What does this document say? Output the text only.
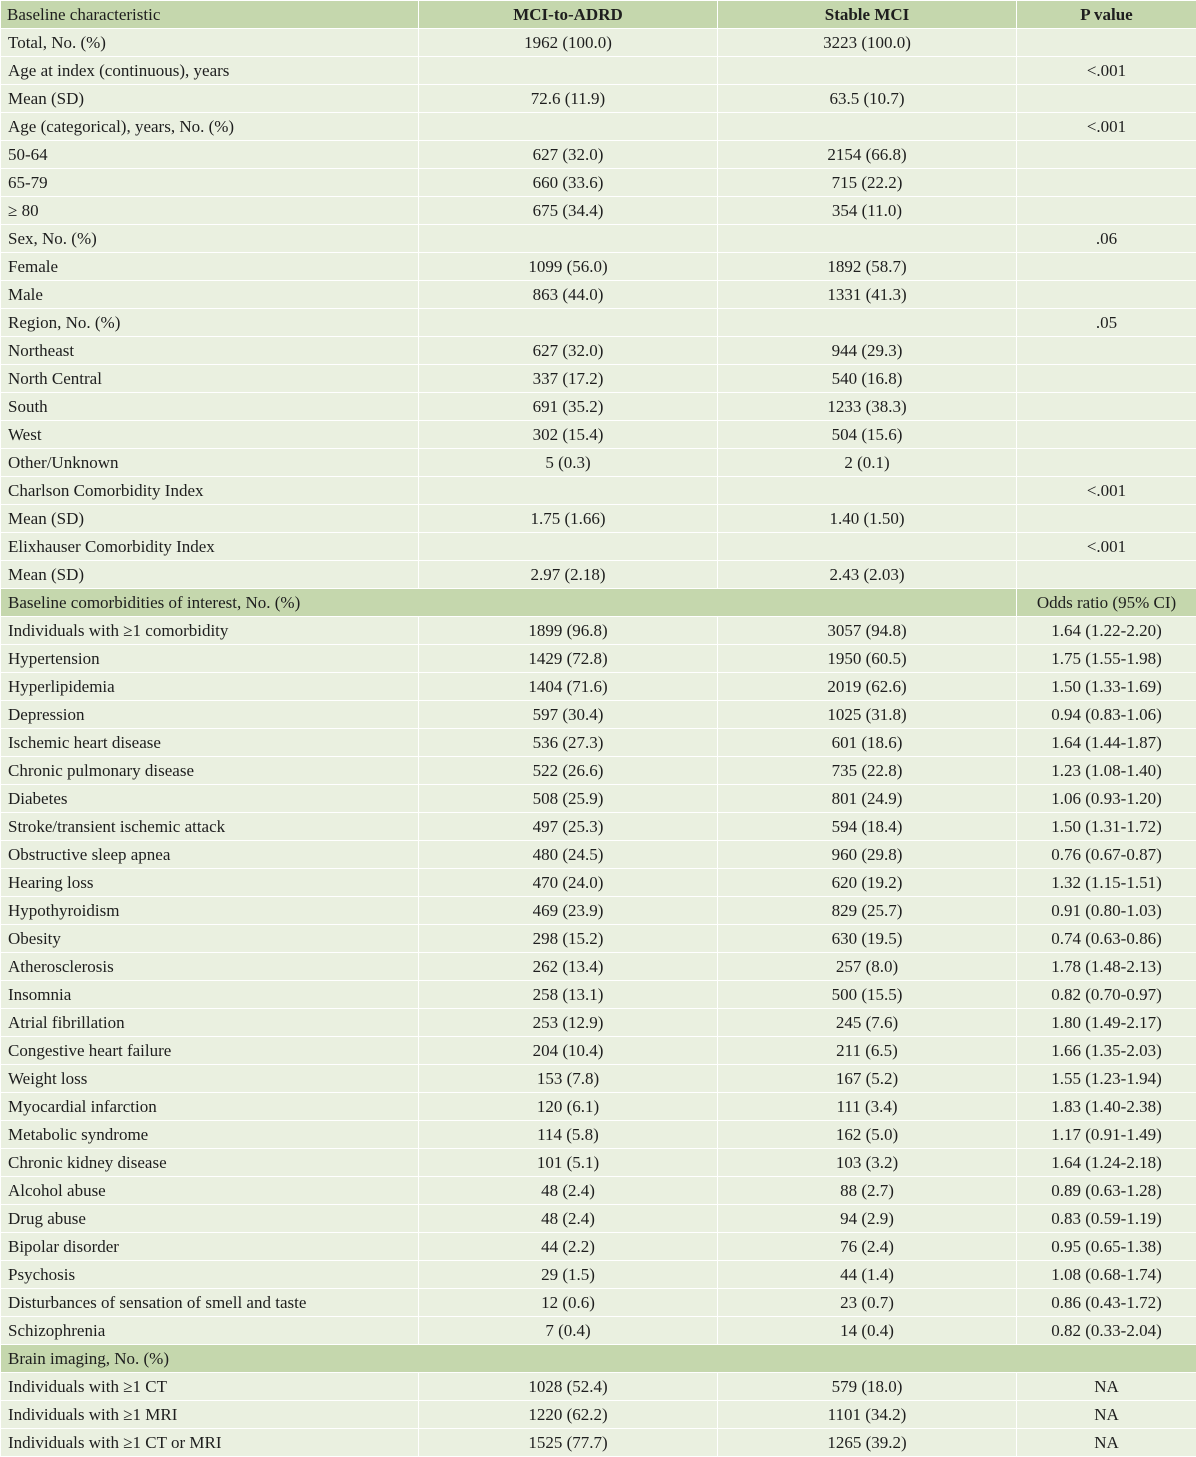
Baseline characteristic	MCI-to-ADRD	Stable MCI	P value
Total, No. (%)	1962 (100.0)	3223 (100.0)	
Age at index (continuous), years			<.001
Mean (SD)	72.6 (11.9)	63.5 (10.7)	
Age (categorical), years, No. (%)			<.001
50-64	627 (32.0)	2154 (66.8)	
65-79	660 (33.6)	715 (22.2)	
≥ 80	675 (34.4)	354 (11.0)	
Sex, No. (%)			.06
Female	1099 (56.0)	1892 (58.7)	
Male	863 (44.0)	1331 (41.3)	
Region, No. (%)			.05
Northeast	627 (32.0)	944 (29.3)	
North Central	337 (17.2)	540 (16.8)	
South	691 (35.2)	1233 (38.3)	
West	302 (15.4)	504 (15.6)	
Other/Unknown	5 (0.3)	2 (0.1)	
Charlson Comorbidity Index			<.001
Mean (SD)	1.75 (1.66)	1.40 (1.50)	
Elixhauser Comorbidity Index			<.001
Mean (SD)	2.97 (2.18)	2.43 (2.03)	
Baseline comorbidities of interest, No. (%)			Odds ratio (95% CI)
Individuals with ≥1 comorbidity	1899 (96.8)	3057 (94.8)	1.64 (1.22-2.20)
Hypertension	1429 (72.8)	1950 (60.5)	1.75 (1.55-1.98)
Hyperlipidemia	1404 (71.6)	2019 (62.6)	1.50 (1.33-1.69)
Depression	597 (30.4)	1025 (31.8)	0.94 (0.83-1.06)
Ischemic heart disease	536 (27.3)	601 (18.6)	1.64 (1.44-1.87)
Chronic pulmonary disease	522 (26.6)	735 (22.8)	1.23 (1.08-1.40)
Diabetes	508 (25.9)	801 (24.9)	1.06 (0.93-1.20)
Stroke/transient ischemic attack	497 (25.3)	594 (18.4)	1.50 (1.31-1.72)
Obstructive sleep apnea	480 (24.5)	960 (29.8)	0.76 (0.67-0.87)
Hearing loss	470 (24.0)	620 (19.2)	1.32 (1.15-1.51)
Hypothyroidism	469 (23.9)	829 (25.7)	0.91 (0.80-1.03)
Obesity	298 (15.2)	630 (19.5)	0.74 (0.63-0.86)
Atherosclerosis	262 (13.4)	257 (8.0)	1.78 (1.48-2.13)
Insomnia	258 (13.1)	500 (15.5)	0.82 (0.70-0.97)
Atrial fibrillation	253 (12.9)	245 (7.6)	1.80 (1.49-2.17)
Congestive heart failure	204 (10.4)	211 (6.5)	1.66 (1.35-2.03)
Weight loss	153 (7.8)	167 (5.2)	1.55 (1.23-1.94)
Myocardial infarction	120 (6.1)	111 (3.4)	1.83 (1.40-2.38)
Metabolic syndrome	114 (5.8)	162 (5.0)	1.17 (0.91-1.49)
Chronic kidney disease	101 (5.1)	103 (3.2)	1.64 (1.24-2.18)
Alcohol abuse	48 (2.4)	88 (2.7)	0.89 (0.63-1.28)
Drug abuse	48 (2.4)	94 (2.9)	0.83 (0.59-1.19)
Bipolar disorder	44 (2.2)	76 (2.4)	0.95 (0.65-1.38)
Psychosis	29 (1.5)	44 (1.4)	1.08 (0.68-1.74)
Disturbances of sensation of smell and taste	12 (0.6)	23 (0.7)	0.86 (0.43-1.72)
Schizophrenia	7 (0.4)	14 (0.4)	0.82 (0.33-2.04)
Brain imaging, No. (%)			
Individuals with ≥1 CT	1028 (52.4)	579 (18.0)	NA
Individuals with ≥1 MRI	1220 (62.2)	1101 (34.2)	NA
Individuals with ≥1 CT or MRI	1525 (77.7)	1265 (39.2)	NA
